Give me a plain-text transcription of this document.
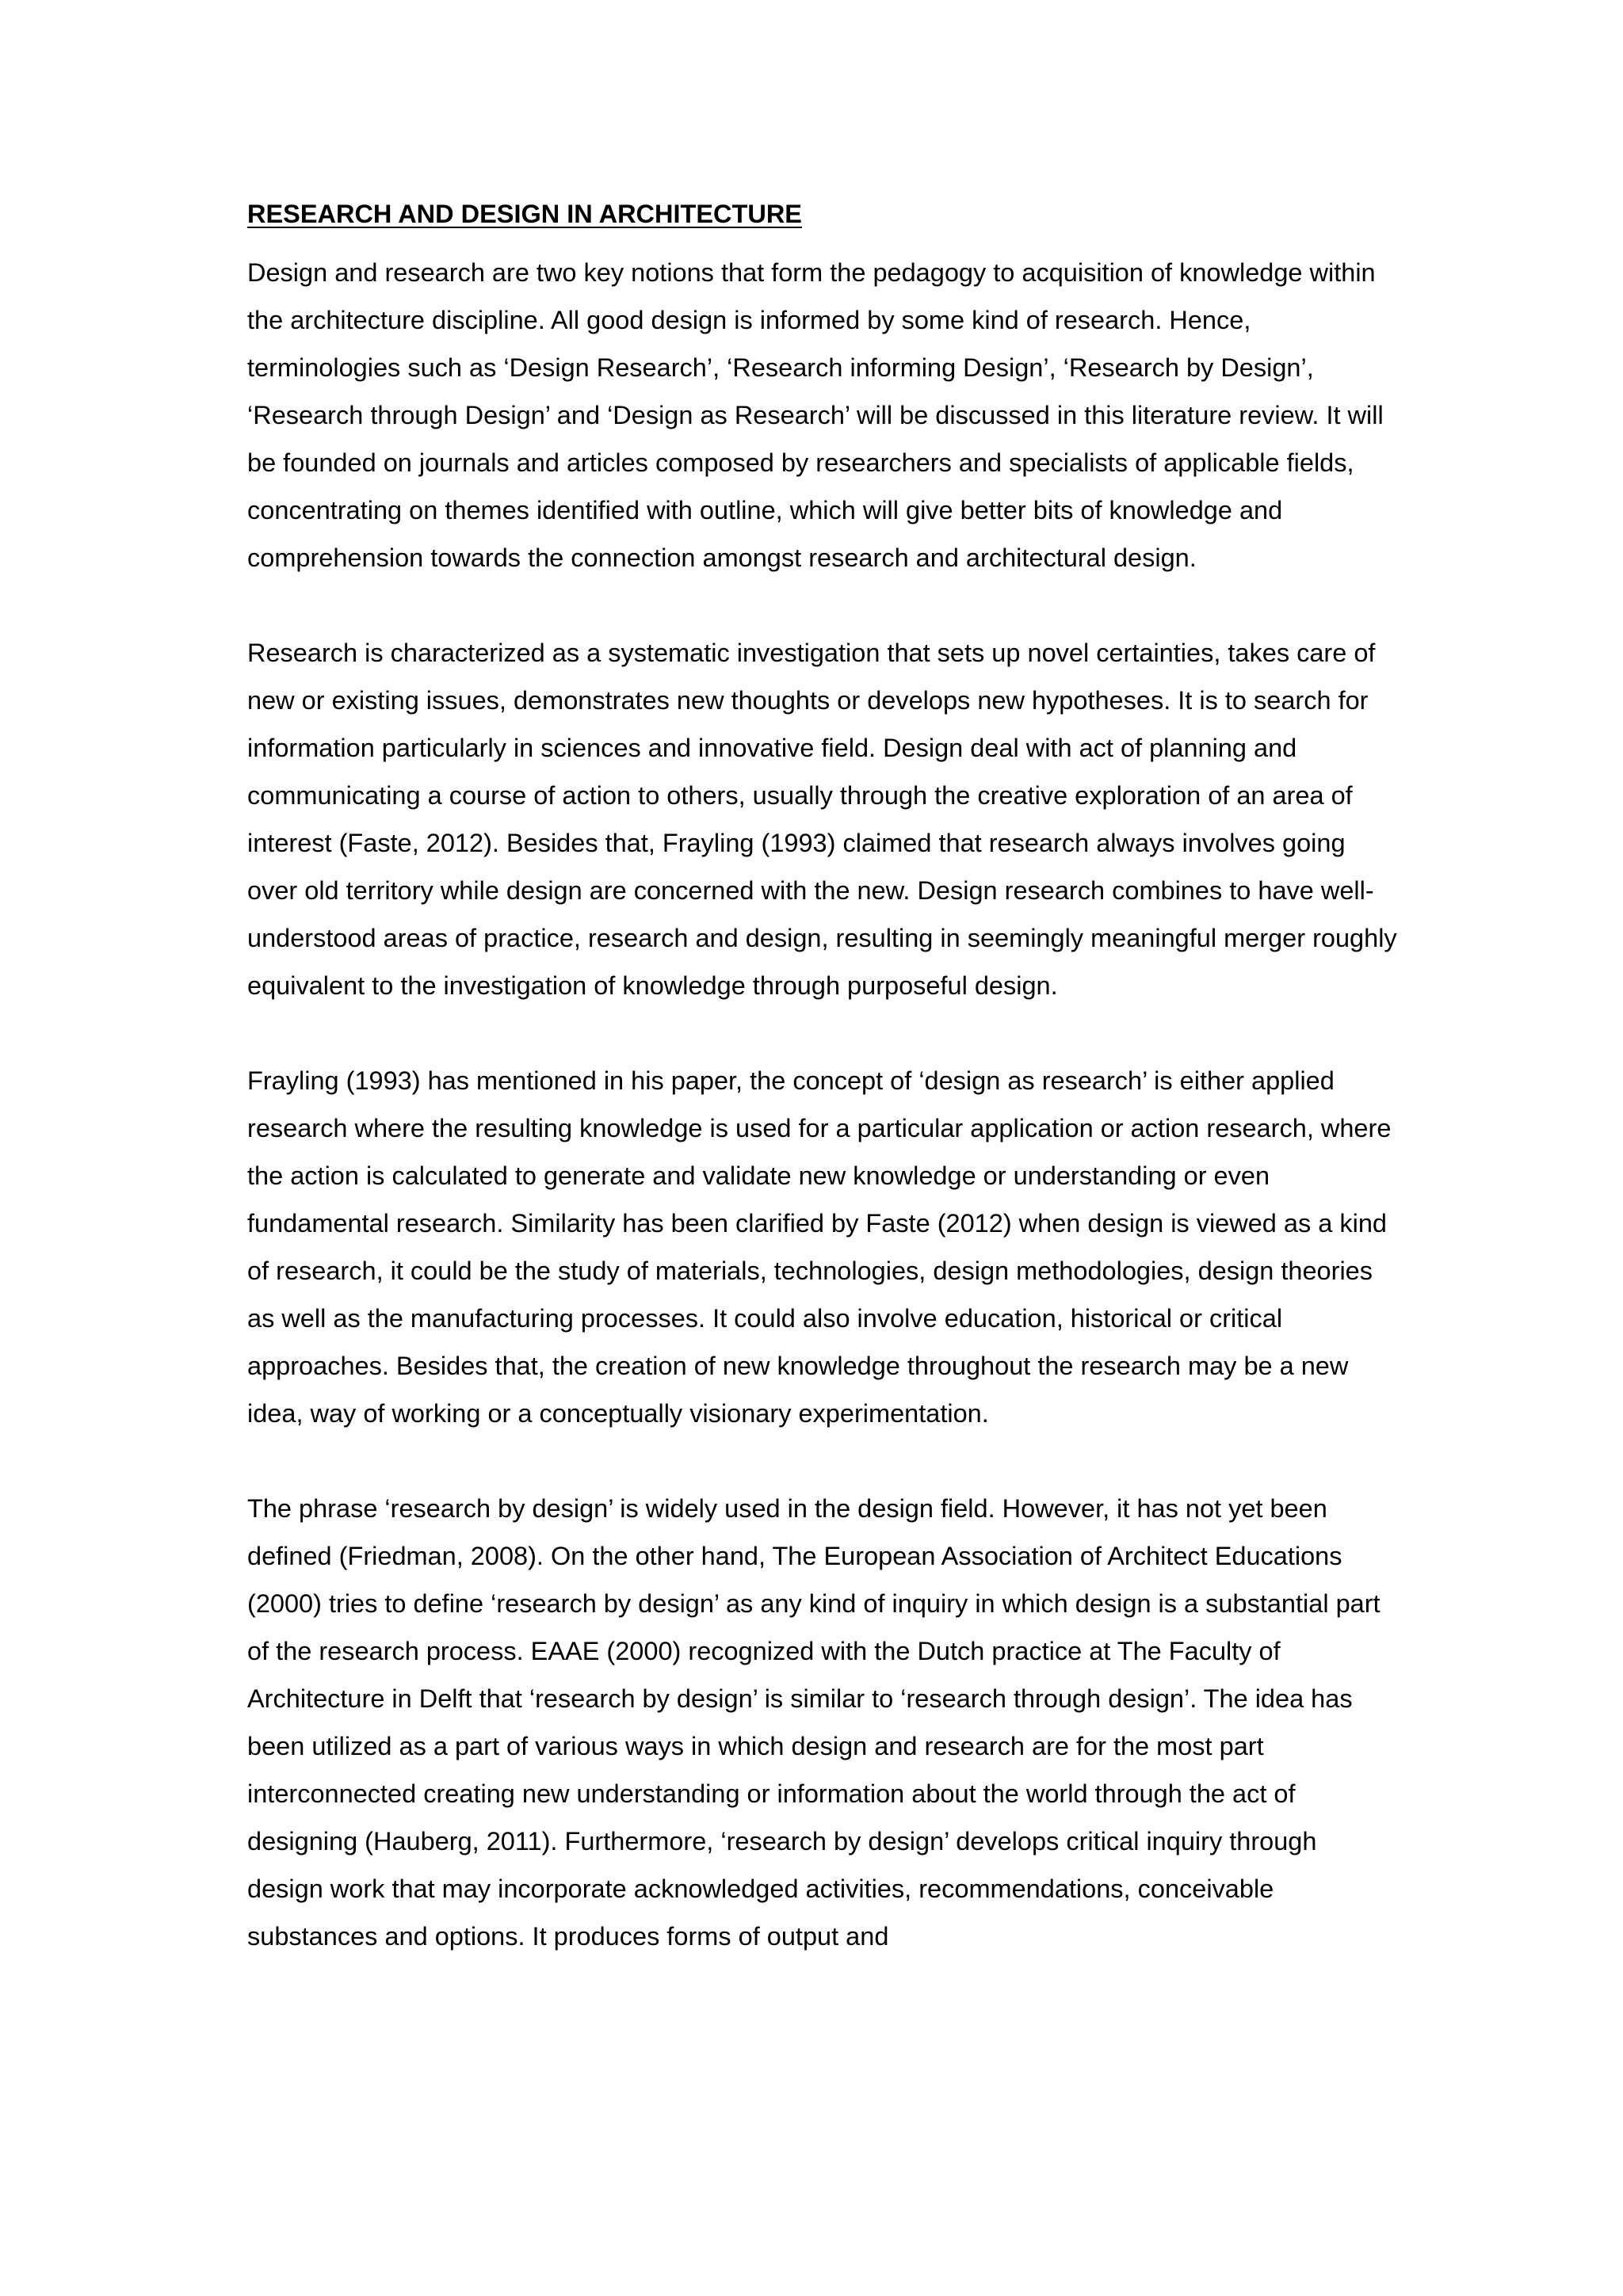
RESEARCH AND DESIGN IN ARCHITECTURE

Design and research are two key notions that form the pedagogy to acquisition of knowledge within the architecture discipline. All good design is informed by some kind of research. Hence, terminologies such as ‘Design Research’, ‘Research informing Design’, ‘Research by Design’, ‘Research through Design’ and ‘Design as Research’ will be discussed in this literature review. It will be founded on journals and articles composed by researchers and specialists of applicable fields, concentrating on themes identified with outline, which will give better bits of knowledge and comprehension towards the connection amongst research and architectural design.

Research is characterized as a systematic investigation that sets up novel certainties, takes care of new or existing issues, demonstrates new thoughts or develops new hypotheses. It is to search for information particularly in sciences and innovative field. Design deal with act of planning and communicating a course of action to others, usually through the creative exploration of an area of interest (Faste, 2012). Besides that, Frayling (1993) claimed that research always involves going over old territory while design are concerned with the new. Design research combines to have well-understood areas of practice, research and design, resulting in seemingly meaningful merger roughly equivalent to the investigation of knowledge through purposeful design.

Frayling (1993) has mentioned in his paper, the concept of ‘design as research’ is either applied research where the resulting knowledge is used for a particular application or action research, where the action is calculated to generate and validate new knowledge or understanding or even fundamental research. Similarity has been clarified by Faste (2012) when design is viewed as a kind of research, it could be the study of materials, technologies, design methodologies, design theories as well as the manufacturing processes. It could also involve education, historical or critical approaches. Besides that, the creation of new knowledge throughout the research may be a new idea, way of working or a conceptually visionary experimentation.

The phrase ‘research by design’ is widely used in the design field. However, it has not yet been defined (Friedman, 2008). On the other hand, The European Association of Architect Educations (2000) tries to define ‘research by design’ as any kind of inquiry in which design is a substantial part of the research process. EAAE (2000) recognized with the Dutch practice at The Faculty of Architecture in Delft that ‘research by design’ is similar to ‘research through design’. The idea has been utilized as a part of various ways in which design and research are for the most part interconnected creating new understanding or information about the world through the act of designing (Hauberg, 2011). Furthermore, ‘research by design’ develops critical inquiry through design work that may incorporate acknowledged activities, recommendations, conceivable substances and options. It produces forms of output and
